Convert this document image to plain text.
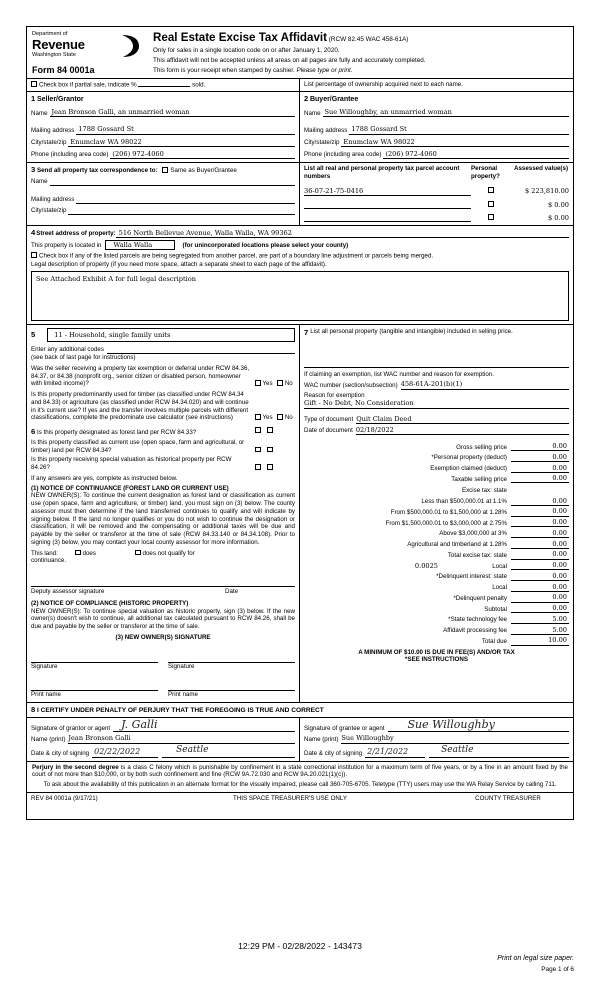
Department of
Revenue
Washington State
Form 84 0001a
Real Estate Excise Tax Affidavit (RCW 82.45 WAC 458-61A)
Only for sales in a single location code on or after January 1, 2020.
This affidavit will not be accepted unless all areas on all pages are fully and accurately completed.
This form is your receipt when stamped by cashier. Please type or print.
Check box if partial sale, indicate %	sold.	List percentage of ownership acquired next to each name.
1 Seller/Grantor
Name Jean Bronson Galli, an unmarried woman
Mailing address 1788 Gossard St
City/state/zip Enumclaw WA 98022
Phone (including area code) (206) 972-4060
2 Buyer/Grantee
Name Sue Willoughby, an unmarried woman
Mailing address 1788 Gossard St
City/state/zip Enumclaw WA 98022
Phone (including area code) (206) 972-4060
3 Send all property tax correspondence to: Same as Buyer/Grantee
Name
Mailing address
City/state/zip
List all real and personal property tax parcel account numbers
Personal property?
Assessed value(s)
36-07-21-75-0416	$ 223,810.00
$ 0.00
$ 0.00
4 Street address of property: 516 North Bellevue Avenue, Walla Walla, WA 99362
This property is located in	Walla Walla	(for unincorporated locations please select your county)
Check box if any of the listed parcels are being segregated from another parcel, are part of a boundary line adjustment or parcels being merged.
Legal description of property (if you need more space, attach a separate sheet to each page of the affidavit).
See Attached Exhibit A for full legal description
5	11 - Household, single family units
Enter any additional codes
(see back of last page for instructions)
Was the seller receiving a property tax exemption or deferral under RCW 84.36, 84.37, or 84.38 (nonprofit org., senior citizen or disabled person, homeowner with limited income)?	Yes No
Is this property predominantly used for timber (as classified under RCW 84.34 and 84.33) or agriculture (as classified under RCW 84.34.020) and will continue in it's current use? If yes and the transfer involves multiple parcels with different classifications, complete the predominate use calculator (see instructions)	Yes No
6 Is this property designated as forest land per RCW 84.33?

Is this property classified as current use (open space, farm and agricultural, or timber) land per RCW 84.34?

Is this property receiving special valuation as historical property per RCW 84.26?

If any answers are yes, complete as instructed below.
(1) NOTICE OF CONTINUANCE (FOREST LAND OR CURRENT USE)
NEW OWNER(S): To continue the current designation as forest land or classification as current use (open space, farm and agriculture, or timber) land, you must sign on (3) below. The county assessor must then determine if the land transferred continues to qualify and will indicate by signing below. If the land no longer qualifies or you do not wish to continue the designation or classification, it will be removed and the compensating or additional taxes will be due and payable by the seller or transferor at the time of sale (RCW 84.33.140 or 84.34.108). Prior to signing (3) below, you may contact your local county assessor for more information.
This land:	does	does not qualify for
continuance.
Deputy assessor signature	Date
(2) NOTICE OF COMPLIANCE (HISTORIC PROPERTY)
NEW OWNER(S): To continue special valuation as historic property, sign (3) below. If the new owner(s) doesn't wish to continue, all additional tax calculated pursuant to RCW 84.26, shall be due and payable by the seller or transferor at the time of sale.
(3) NEW OWNER(S) SIGNATURE
Signature	Signature
Print name	Print name
7 List all personal property (tangible and intangible) included in selling price.
If claiming an exemption, list WAC number and reason for exemption.
WAC number (section/subsection) 458-61A-201(b)(1)
Reason for exemption
Gift - No Debt, No Consideration
Type of document Quit Claim Deed
Date of document 02/18/2022
Gross selling price	0.00
*Personal property (deduct)	0.00
Exemption claimed (deduct)	0.00
Taxable selling price	0.00
Excise tax: state
Less than $500,000.01 at 1.1%	0.00
From $500,000.01 to $1,500,000 at 1.28%	0.00
From $1,500,000.01 to $3,000,000 at 2.75%	0.00
Above $3,000,000 at 3%	0.00
Agricultural and timberland at 1.28%	0.00
Total excise tax: state	0.00
0.0025	Local	0.00
*Delinquent interest: state	0.00
Local	0.00
*Delinquent penalty	0.00
Subtotal	0.00
*State technology fee	5.00
Affidavit processing fee	5.00
Total due	10.00
A MINIMUM OF $10.00 IS DUE IN FEE(S) AND/OR TAX
*SEE INSTRUCTIONS
8 I CERTIFY UNDER PENALTY OF PERJURY THAT THE FOREGOING IS TRUE AND CORRECT
Signature of grantor or agent J. Galli
Name (print) Jean Bronson Galli
Date & city of signing 02/22/2022	Seattle
Signature of grantee or agent Sue Willoughby
Name (print) Sue Willoughby
Date & city of signing 2/21/2022	Seattle
Perjury in the second degree is a class C felony which is punishable by confinement in a state correctional institution for a maximum term of five years, or by a fine in an amount fixed by the court of not more than $10,000, or by both such confinement and fine (RCW 9A.72.030 and RCW 9A.20.021(1)(c)).
To ask about the availability of this publication in an alternate format for the visually impaired, please call 360-705-6705. Teletype (TTY) users may use the WA Relay Service by calling 711.
REV 84 0001a (9/17/21)	THIS SPACE TREASURER'S USE ONLY	COUNTY TREASURER
12:29 PM - 02/28/2022 - 143473
Print on legal size paper.
Page 1 of 6
